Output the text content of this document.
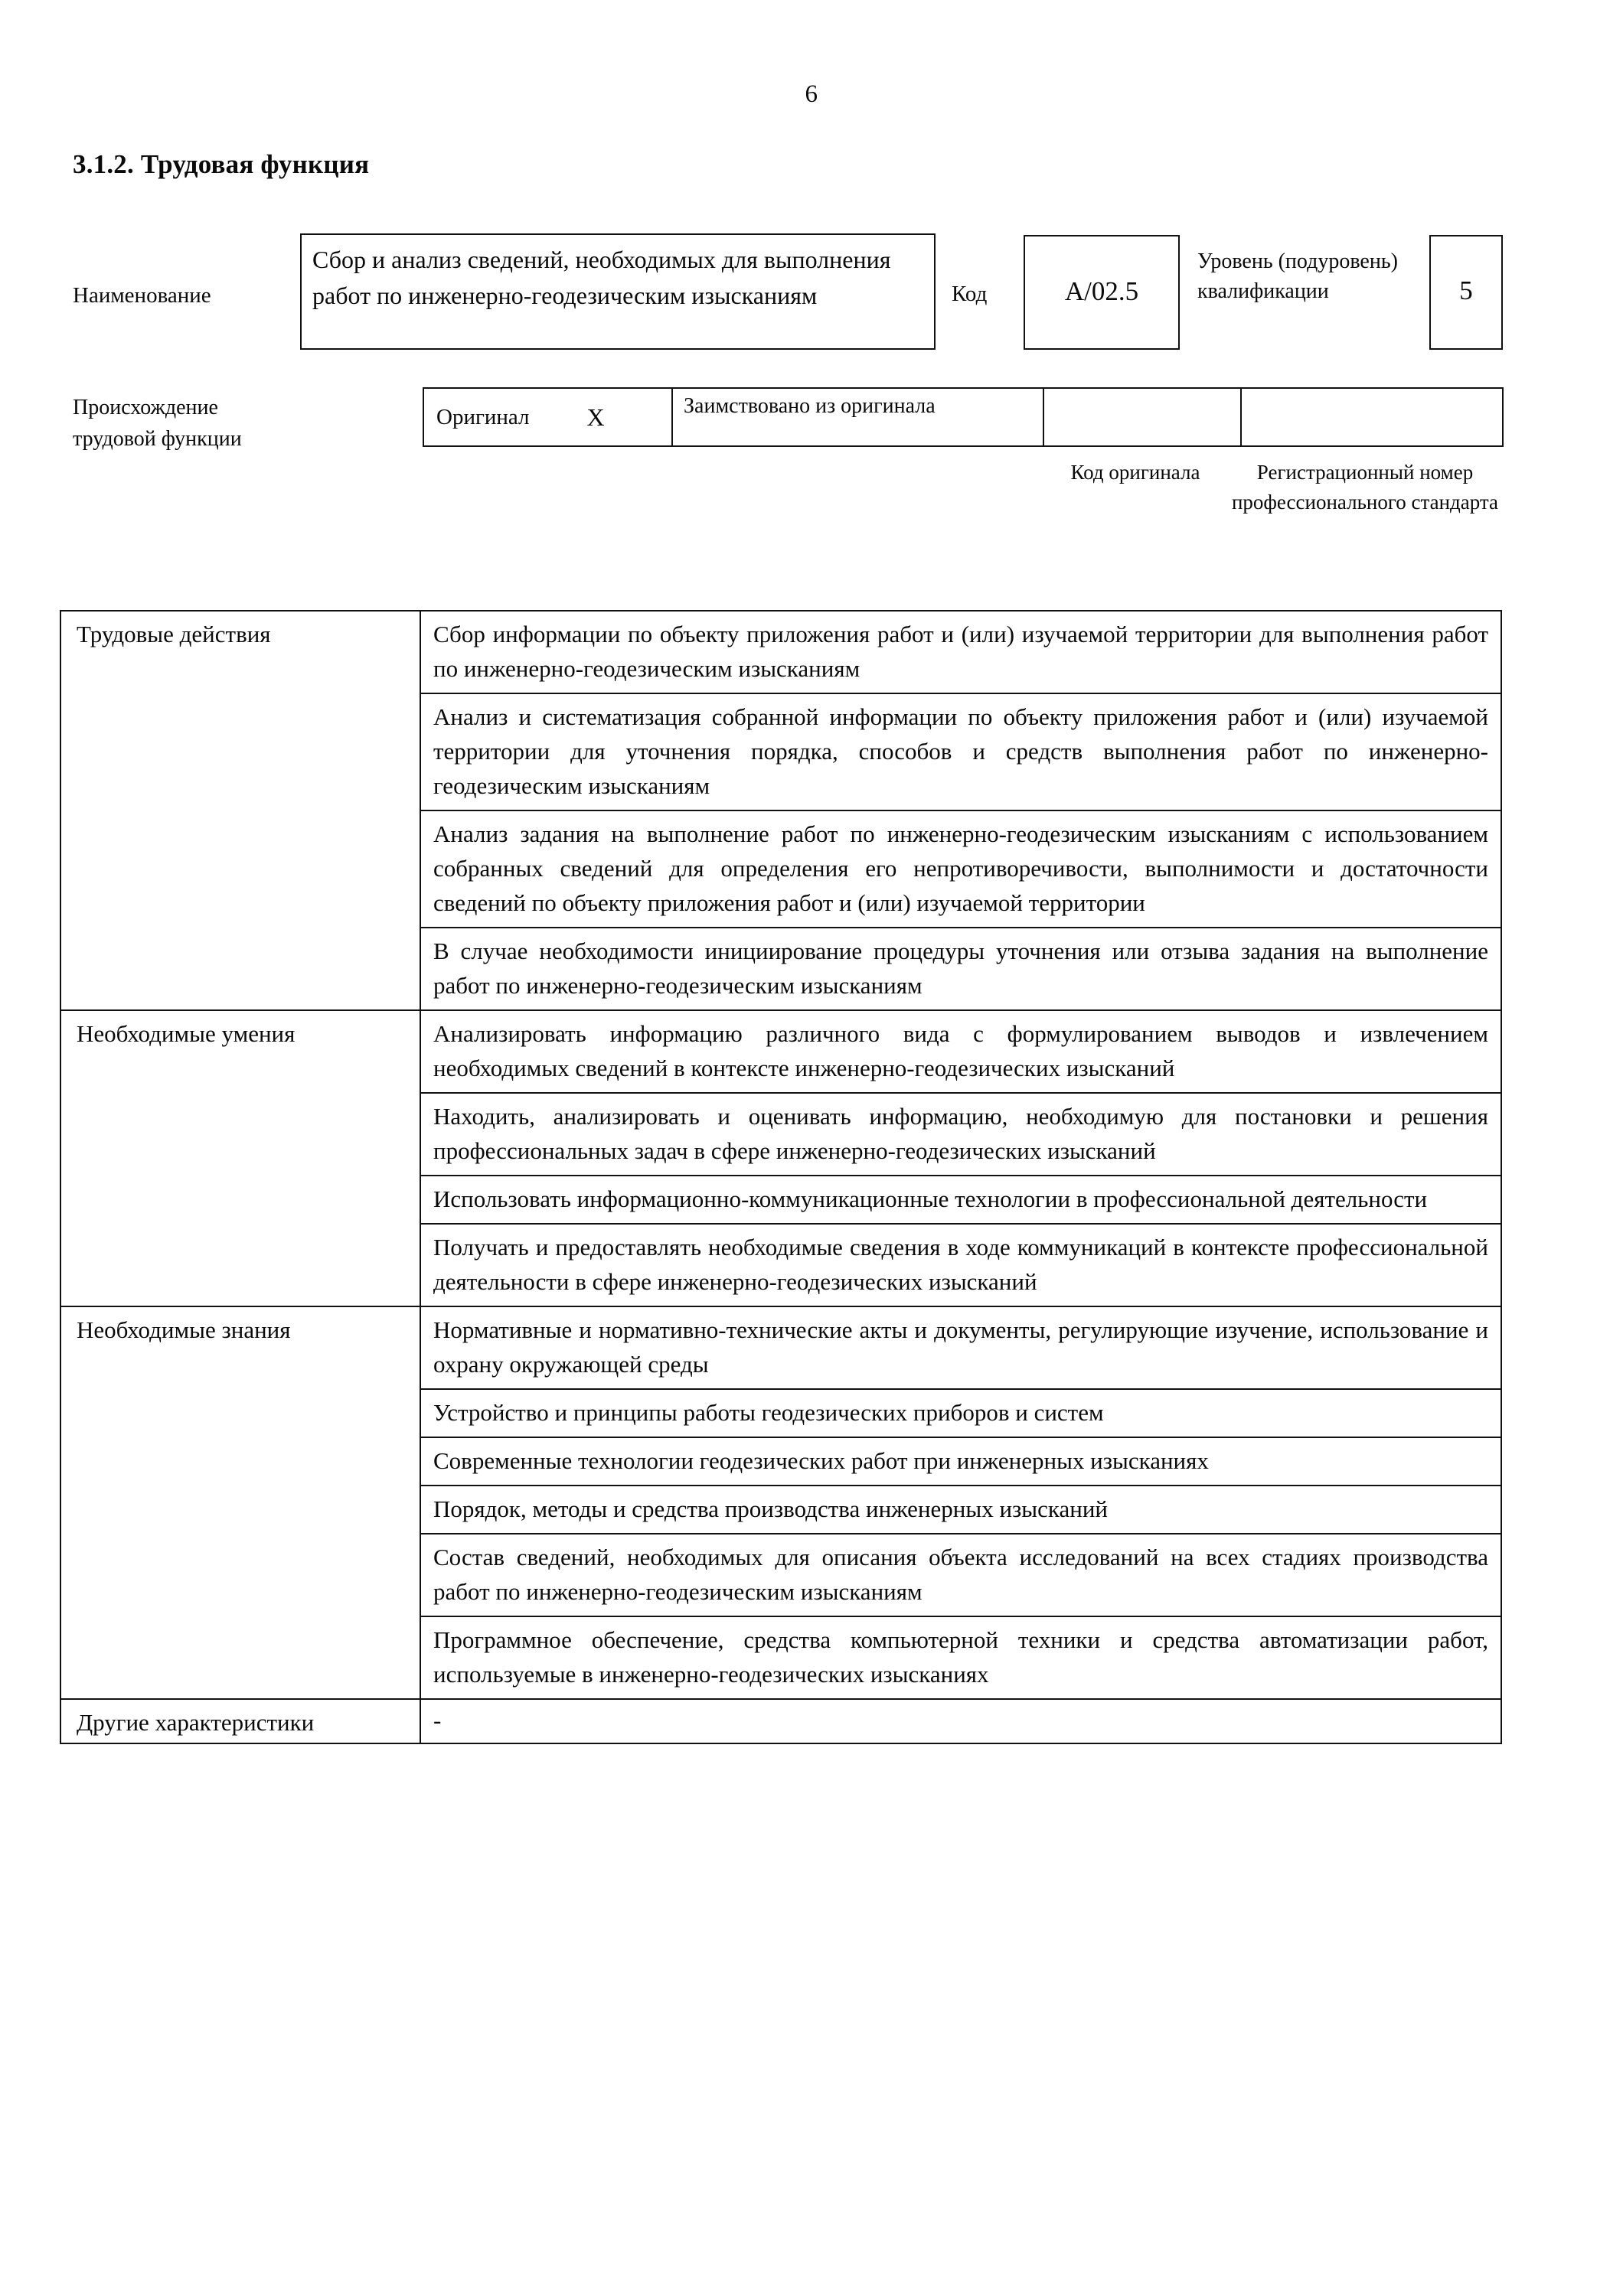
6
3.1.2. Трудовая функция
Наименование
Сбор и анализ сведений, необходимых для выполнения работ по инженерно-геодезическим изысканиям	Код	А/02.5
Уровень (подуровень) квалификации	5
Происхождение трудовой функции
Оригинал	X	Заимствовано из оригинала
Код оригинала	Регистрационный номер профессионального стандарта
Трудовые действия	Сбор информации по объекту приложения работ и (или) изучаемой территории для выполнения работ по инженерно-геодезическим изысканиям
	Анализ и систематизация собранной информации по объекту приложения работ и (или) изучаемой территории для уточнения порядка, способов и средств выполнения работ по инженерно-геодезическим изысканиям
	Анализ задания на выполнение работ по инженерно-геодезическим изысканиям с использованием собранных сведений для определения его непротиворечивости, выполнимости и достаточности сведений по объекту приложения работ и (или) изучаемой территории
	В случае необходимости инициирование процедуры уточнения или отзыва задания на выполнение работ по инженерно-геодезическим изысканиям
Необходимые умения	Анализировать информацию различного вида с формулированием выводов и извлечением необходимых сведений в контексте инженерно-геодезических изысканий
	Находить, анализировать и оценивать информацию, необходимую для постановки и решения профессиональных задач в сфере инженерно-геодезических изысканий
	Использовать информационно-коммуникационные технологии в профессиональной деятельности
	Получать и предоставлять необходимые сведения в ходе коммуникаций в контексте профессиональной деятельности в сфере инженерно-геодезических изысканий
Необходимые знания	Нормативные и нормативно-технические акты и документы, регулирующие изучение, использование и охрану окружающей среды
	Устройство и принципы работы геодезических приборов и систем
	Современные технологии геодезических работ при инженерных изысканиях
	Порядок, методы и средства производства инженерных изысканий
	Состав сведений, необходимых для описания объекта исследований на всех стадиях производства работ по инженерно-геодезическим изысканиям
	Программное обеспечение, средства компьютерной техники и средства автоматизации работ, используемые в инженерно-геодезических изысканиях
Другие характеристики	-
